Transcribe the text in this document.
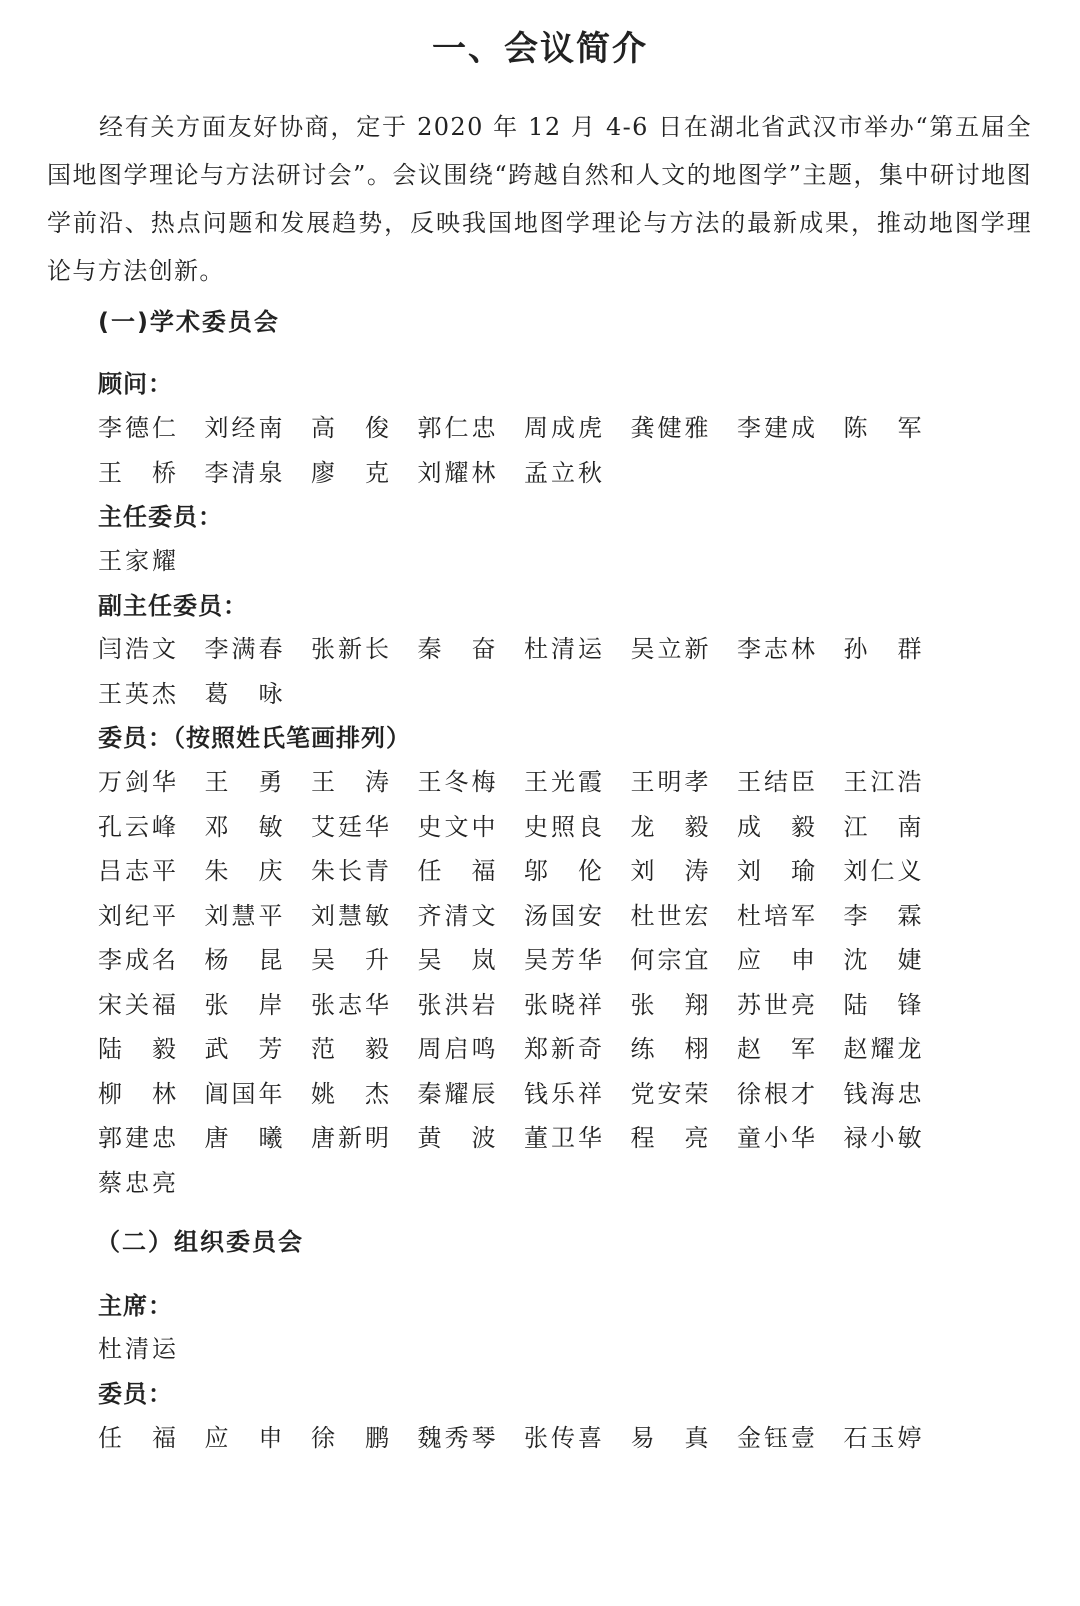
一、会议简介

经有关方面友好协商，定于 2020 年 12 月 4-6 日在湖北省武汉市举办“第五届全国地图学理论与方法研讨会”。会议围绕“跨越自然和人文的地图学”主题，集中研讨地图学前沿、热点问题和发展趋势，反映我国地图学理论与方法的最新成果，推动地图学理论与方法创新。

(一)学术委员会
顾问：
李德仁 刘经南 高俊 郭仁忠 周成虎 龚健雅 李建成 陈军
王桥 李清泉 廖克 刘耀林 孟立秋
主任委员：
王家耀
副主任委员：
闫浩文 李满春 张新长 秦奋 杜清运 吴立新 李志林 孙群
王英杰 葛咏
委员：（按照姓氏笔画排列）
万剑华 王勇 王涛 王冬梅 王光霞 王明孝 王结臣 王江浩
孔云峰 邓敏 艾廷华 史文中 史照良 龙毅 成毅 江南
吕志平 朱庆 朱长青 任福 邬伦 刘涛 刘瑜 刘仁义
刘纪平 刘慧平 刘慧敏 齐清文 汤国安 杜世宏 杜培军 李霖
李成名 杨昆 吴升 吴岚 吴芳华 何宗宜 应申 沈婕
宋关福 张岸 张志华 张洪岩 张晓祥 张翔 苏世亮 陆锋
陆毅 武芳 范毅 周启鸣 郑新奇 练栩 赵军 赵耀龙
柳林 阊国年 姚杰 秦耀辰 钱乐祥 党安荣 徐根才 钱海忠
郭建忠 唐曦 唐新明 黄波 董卫华 程亮 童小华 禄小敏
蔡忠亮
（二）组织委员会
主席：
杜清运
委员：
任福 应申 徐鹏 魏秀琴 张传喜 易真 金钰壹 石玉婷
